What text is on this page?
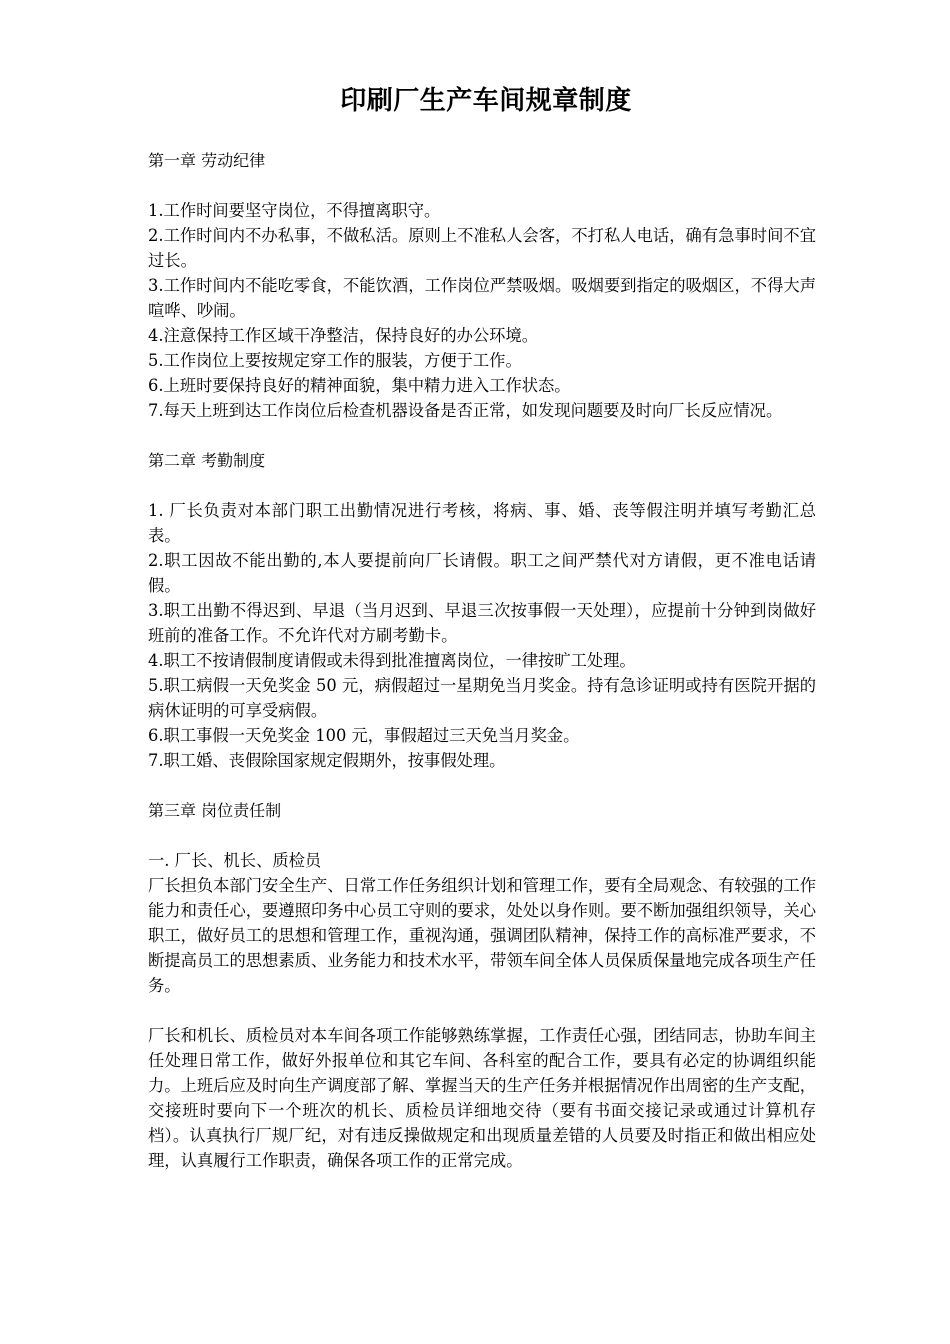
印刷厂生产车间规章制度

第一章 劳动纪律

1.工作时间要坚守岗位，不得擅离职守。

2.工作时间内不办私事，不做私活。原则上不准私人会客，不打私人电话，确有急事时间不宜过长。

3.工作时间内不能吃零食，不能饮酒，工作岗位严禁吸烟。吸烟要到指定的吸烟区，不得大声喧哗、吵闹。

4.注意保持工作区域干净整洁，保持良好的办公环境。

5.工作岗位上要按规定穿工作的服装，方便于工作。

6.上班时要保持良好的精神面貌，集中精力进入工作状态。

7.每天上班到达工作岗位后检查机器设备是否正常，如发现问题要及时向厂长反应情况。

第二章 考勤制度

1. 厂长负责对本部门职工出勤情况进行考核，将病、事、婚、丧等假注明并填写考勤汇总表。

2.职工因故不能出勤的,本人要提前向厂长请假。职工之间严禁代对方请假，更不准电话请假。

3.职工出勤不得迟到、早退（当月迟到、早退三次按事假一天处理），应提前十分钟到岗做好班前的准备工作。不允许代对方刷考勤卡。

4.职工不按请假制度请假或未得到批准擅离岗位，一律按旷工处理。

5.职工病假一天免奖金 50 元，病假超过一星期免当月奖金。持有急诊证明或持有医院开据的病休证明的可享受病假。

6.职工事假一天免奖金 100 元，事假超过三天免当月奖金。

7.职工婚、丧假除国家规定假期外，按事假处理。

第三章 岗位责任制

一. 厂长、机长、质检员

厂长担负本部门安全生产、日常工作任务组织计划和管理工作，要有全局观念、有较强的工作能力和责任心，要遵照印务中心员工守则的要求，处处以身作则。要不断加强组织领导，关心职工，做好员工的思想和管理工作，重视沟通，强调团队精神，保持工作的高标准严要求，不断提高员工的思想素质、业务能力和技术水平，带领车间全体人员保质保量地完成各项生产任务。

厂长和机长、质检员对本车间各项工作能够熟练掌握，工作责任心强，团结同志，协助车间主任处理日常工作，做好外报单位和其它车间、各科室的配合工作，要具有必定的协调组织能力。上班后应及时向生产调度部了解、掌握当天的生产任务并根据情况作出周密的生产支配，交接班时要向下一个班次的机长、质检员详细地交待（要有书面交接记录或通过计算机存档）。认真执行厂规厂纪，对有违反操做规定和出现质量差错的人员要及时指正和做出相应处理，认真履行工作职责，确保各项工作的正常完成。
